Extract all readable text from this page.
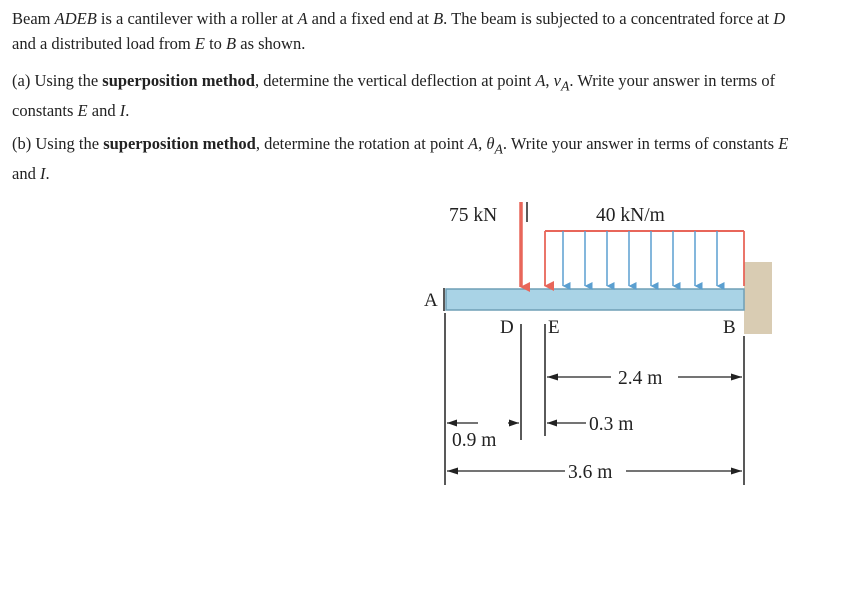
Beam ADEB is a cantilever with a roller at A and a fixed end at B. The beam is subjected to a concentrated force at D and a distributed load from E to B as shown.

(a) Using the superposition method, determine the vertical deflection at point A, $v_A$. Write your answer in terms of constants E and I.

(b) Using the superposition method, determine the rotation at point A, $\theta_A$. Write your answer in terms of constants E and I.

A
D E	B
75 kN	40 kN/m
2.4 m
0.3 m
0.9 m
3.6 m
